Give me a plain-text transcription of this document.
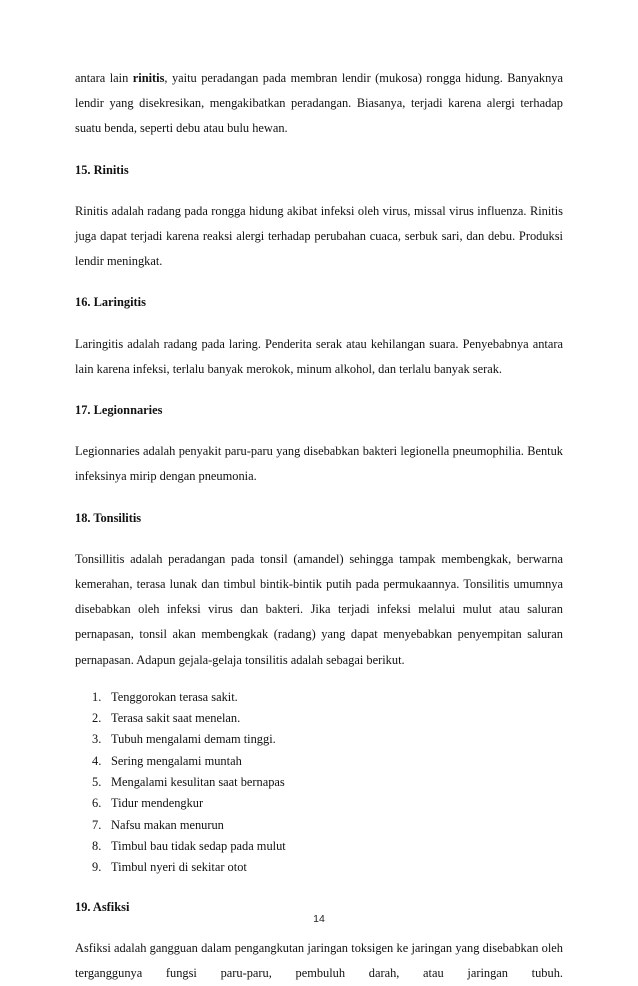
antara lain rinitis, yaitu peradangan pada membran lendir (mukosa) rongga hidung. Banyaknya lendir yang disekresikan, mengakibatkan peradangan. Biasanya, terjadi karena alergi terhadap suatu benda, seperti debu atau bulu hewan.

15. Rinitis

Rinitis adalah radang pada rongga hidung akibat infeksi oleh virus, missal virus influenza. Rinitis juga dapat terjadi karena reaksi alergi terhadap perubahan cuaca, serbuk sari, dan debu. Produksi lendir meningkat.

16. Laringitis

Laringitis adalah radang pada laring. Penderita serak atau kehilangan suara. Penyebabnya antara lain karena infeksi, terlalu banyak merokok, minum alkohol, dan terlalu banyak serak.

17. Legionnaries

Legionnaries adalah penyakit paru-paru yang disebabkan bakteri legionella pneumophilia. Bentuk infeksinya mirip dengan pneumonia.

18. Tonsilitis

Tonsillitis adalah peradangan pada tonsil (amandel) sehingga tampak membengkak, berwarna kemerahan, terasa lunak dan timbul bintik-bintik putih pada permukaannya. Tonsilitis umumnya disebabkan oleh infeksi virus dan bakteri. Jika terjadi infeksi melalui mulut atau saluran pernapasan, tonsil akan membengkak (radang) yang dapat menyebabkan penyempitan saluran pernapasan. Adapun gejala-gelaja tonsilitis adalah sebagai berikut.

1. Tenggorokan terasa sakit.
2. Terasa sakit saat menelan.
3. Tubuh mengalami demam tinggi.
4. Sering mengalami muntah
5. Mengalami kesulitan saat bernapas
6. Tidur mendengkur
7. Nafsu makan menurun
8. Timbul bau tidak sedap pada mulut
9. Timbul nyeri di sekitar otot
19. Asfiksi

Asfiksi adalah gangguan dalam pengangkutan jaringan toksigen ke jaringan yang disebabkan oleh terganggunya fungsi paru-paru, pembuluh darah, atau jaringan tubuh.

14
